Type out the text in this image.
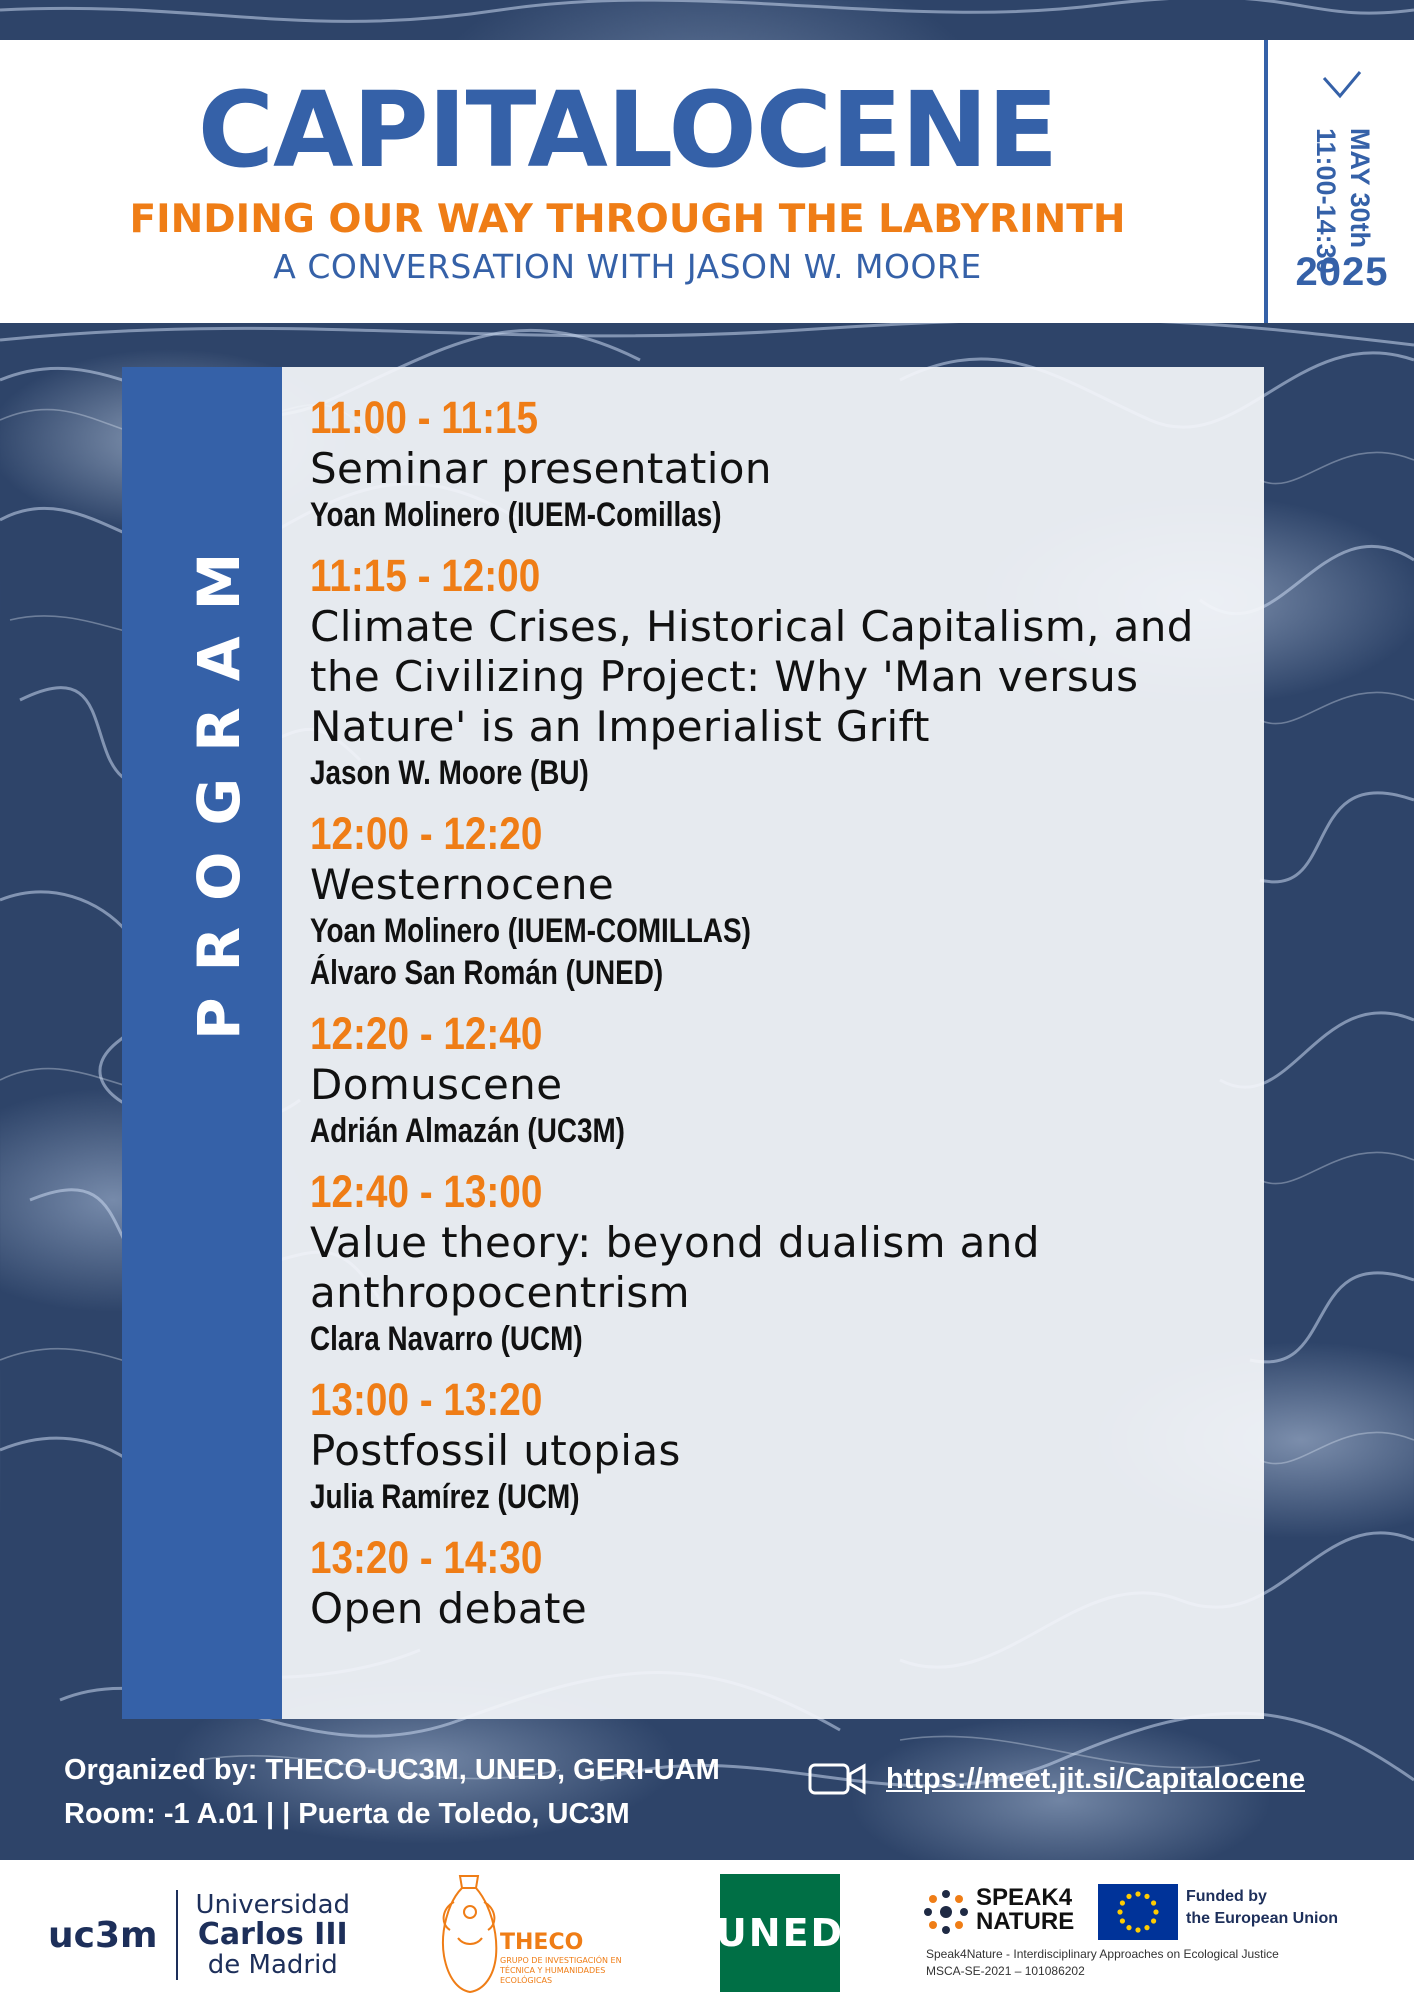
CAPITALOCENE
FINDING OUR WAY THROUGH THE LABYRINTH
A CONVERSATION WITH JASON W. MOORE
MAY 30th
11:00-14:30
2025
PROGRAM
11:00 - 11:15
Seminar presentation
Yoan Molinero (IUEM-Comillas)
11:15 - 12:00
Climate Crises, Historical Capitalism, and the Civilizing Project: Why 'Man versus Nature' is an Imperialist Grift
Jason W. Moore (BU)
12:00 - 12:20
Westernocene
Yoan Molinero (IUEM-COMILLAS)
Álvaro San Román (UNED)
12:20 - 12:40
Domuscene
Adrián Almazán (UC3M)
12:40 - 13:00
Value theory: beyond dualism and anthropocentrism
Clara Navarro (UCM)
13:00 - 13:20
Postfossil utopias
Julia Ramírez (UCM)
13:20 - 14:30
Open debate
Organized by: THECO-UC3M, UNED, GERI-UAM
Room: -1 A.01 | | Puerta de Toledo, UC3M
https://meet.jit.si/Capitalocene
uc3m
Universidad
Carlos III
de Madrid
THECO
GRUPO DE INVESTIGACIÓN EN TÉCNICA Y HUMANIDADES ECOLÓGICAS
UNED
SPEAK4
NATURE
Funded by
the European Union
Speak4Nature - Interdisciplinary Approaches on Ecological Justice
MSCA-SE-2021 – 101086202
